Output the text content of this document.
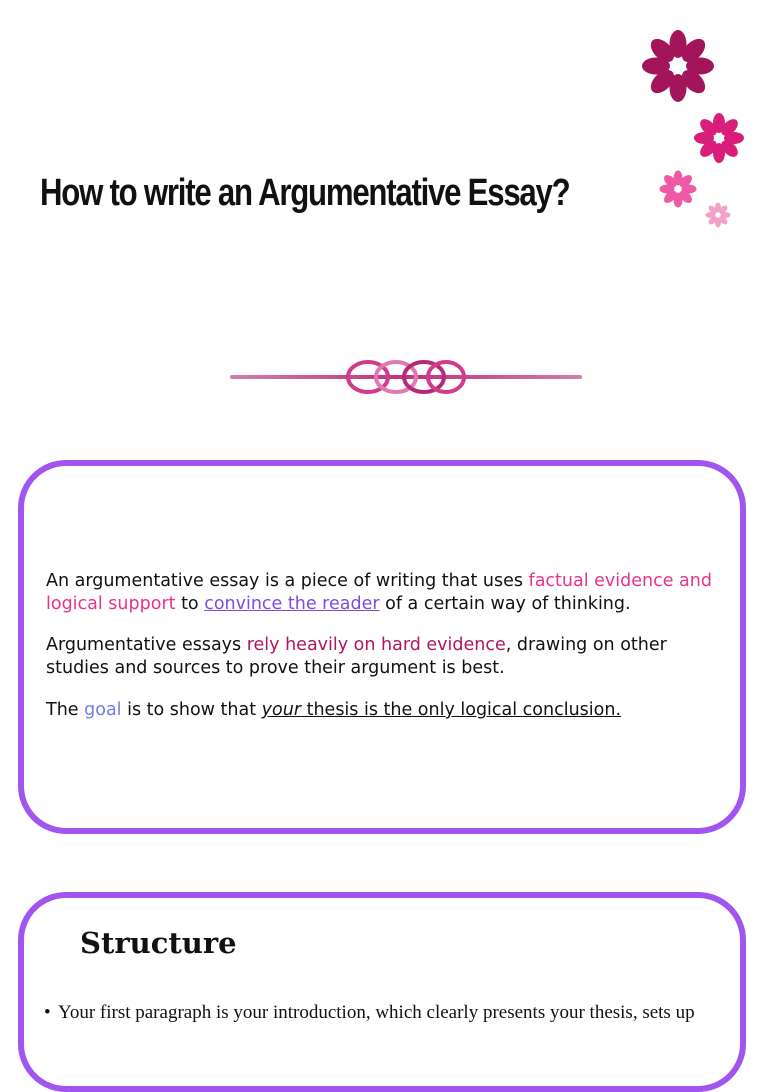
How to write an Argumentative Essay?

An argumentative essay is a piece of writing that uses factual evidence and logical support to convince the reader of a certain way of thinking.

Argumentative essays rely heavily on hard evidence, drawing on other studies and sources to prove their argument is best.

The goal is to show that your thesis is the only logical conclusion.

Structure
• Your first paragraph is your introduction, which clearly presents your thesis, sets up
